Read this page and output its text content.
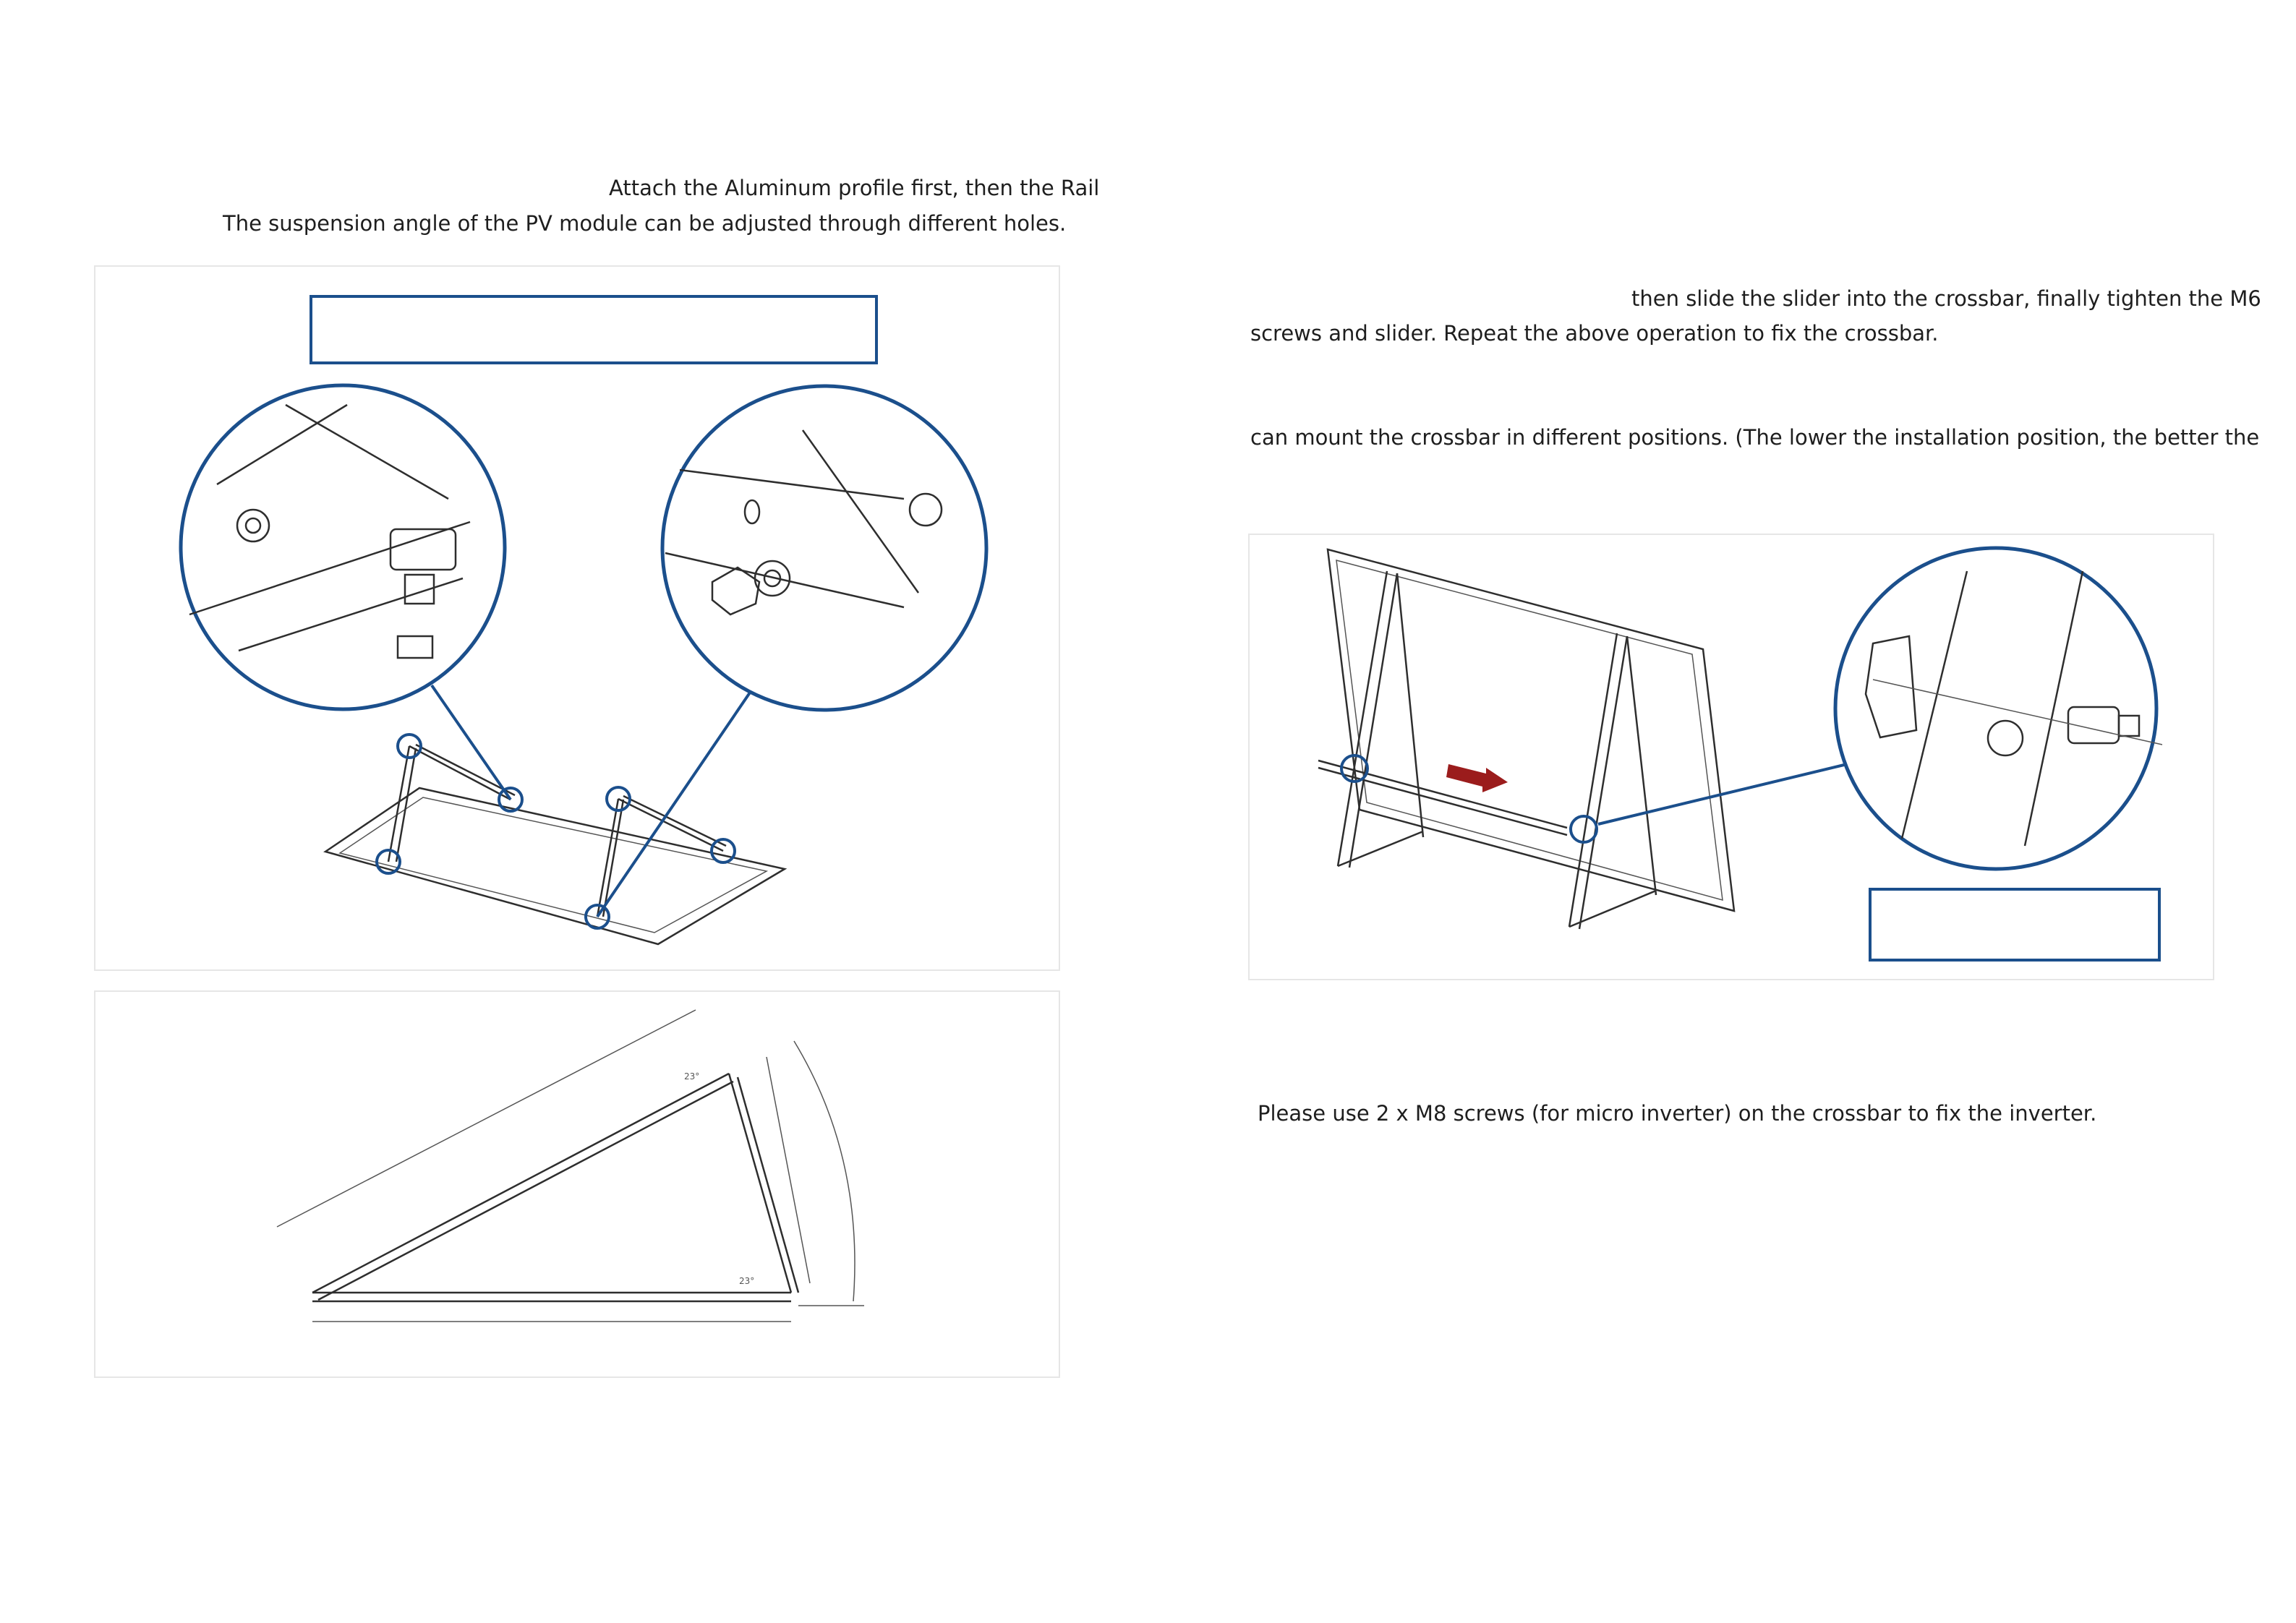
Attach the Aluminum profile first, then the Rail
The suspension angle of the PV module can be adjusted through different holes.
then slide the slider into the crossbar, finally tighten the M6
screws and slider. Repeat the above operation to fix the crossbar.
can mount the crossbar in different positions. (The lower the installation position, the better the
Please use 2 x M8 screws (for micro inverter) on the crossbar to fix the inverter.
23°
23°
